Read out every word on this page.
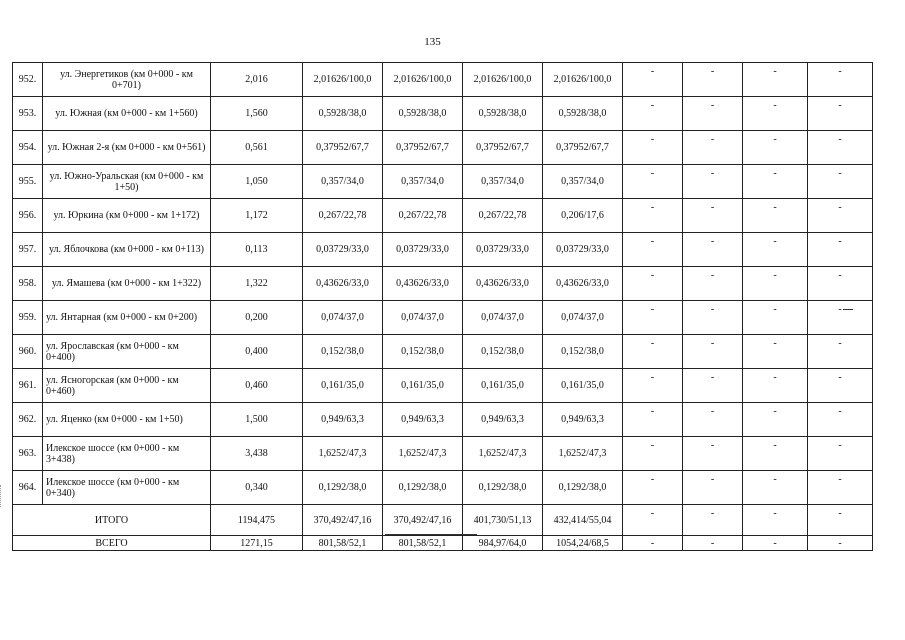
135
952.	ул. Энергетиков (км 0+000 - км 0+701)	2,016	2,01626/100,0	2,01626/100,0	2,01626/100,0	2,01626/100,0	-	-	-	-
953.	ул. Южная (км 0+000 - км 1+560)	1,560	0,5928/38,0	0,5928/38,0	0,5928/38,0	0,5928/38,0	-	-	-	-
954.	ул. Южная 2-я (км 0+000 - км 0+561)	0,561	0,37952/67,7	0,37952/67,7	0,37952/67,7	0,37952/67,7	-	-	-	-
955.	ул. Южно-Уральская (км 0+000 - км 1+50)	1,050	0,357/34,0	0,357/34,0	0,357/34,0	0,357/34,0	-	-	-	-
956.	ул. Юркина (км 0+000 - км 1+172)	1,172	0,267/22,78	0,267/22,78	0,267/22,78	0,206/17,6	-	-	-	-
957.	ул. Яблочкова (км 0+000 - км 0+113)	0,113	0,03729/33,0	0,03729/33,0	0,03729/33,0	0,03729/33,0	-	-	-	-
958.	ул. Ямашева (км 0+000 - км 1+322)	1,322	0,43626/33,0	0,43626/33,0	0,43626/33,0	0,43626/33,0	-	-	-	-
959.	ул. Янтарная (км 0+000 - км 0+200)	0,200	0,074/37,0	0,074/37,0	0,074/37,0	0,074/37,0	-	-	-	-
960.	ул. Ярославская (км 0+000 - км 0+400)	0,400	0,152/38,0	0,152/38,0	0,152/38,0	0,152/38,0	-	-	-	-
961.	ул. Ясногорская (км 0+000 - км 0+460)	0,460	0,161/35,0	0,161/35,0	0,161/35,0	0,161/35,0	-	-	-	-
962.	ул. Яценко (км 0+000 - км 1+50)	1,500	0,949/63,3	0,949/63,3	0,949/63,3	0,949/63,3	-	-	-	-
963.	Илекское шоссе (км 0+000 - км 3+438)	3,438	1,6252/47,3	1,6252/47,3	1,6252/47,3	1,6252/47,3	-	-	-	-
964.	Илекское шоссе (км 0+000 - км 0+340)	0,340	0,1292/38,0	0,1292/38,0	0,1292/38,0	0,1292/38,0	-	-	-	-
ИТОГО		1194,475	370,492/47,16	370,492/47,16	401,730/51,13	432,414/55,04	-	-	-	-
ВСЕГО		1271,15	801,58/52,1	801,58/52,1	984,97/64,0	1054,24/68,5	-	-	-	-
